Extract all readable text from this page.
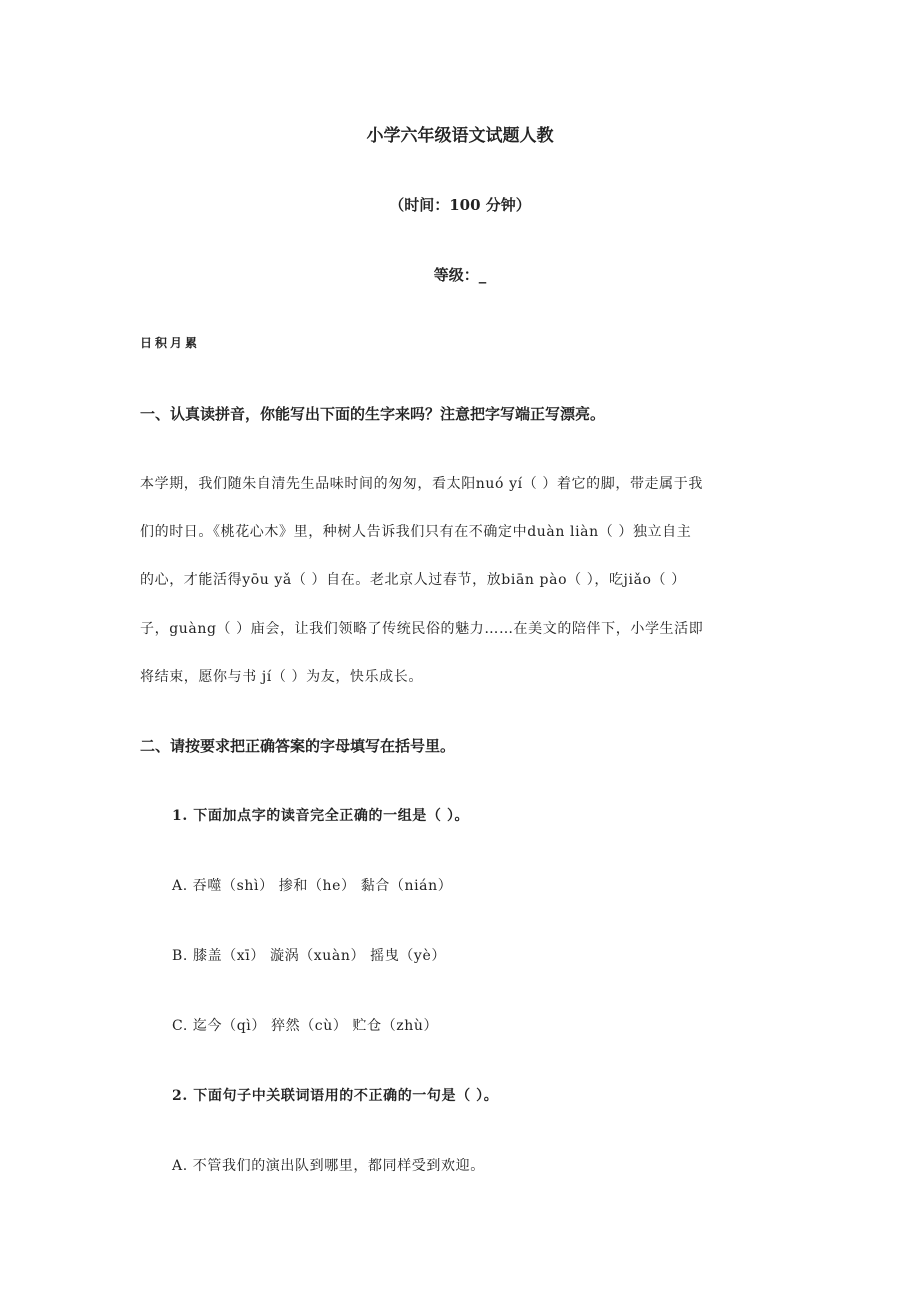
小学六年级语文试题人教
（时间：100 分钟）
等级：_
日积月累
一、认真读拼音，你能写出下面的生字来吗？注意把字写端正写漂亮。
本学期，我们随朱自清先生品味时间的匆匆，看太阳nuó yí（ ）着它的脚，带走属于我
们的时日。《桃花心木》里，种树人告诉我们只有在不确定中duàn liàn（ ）独立自主
的心，才能活得yōu yǎ（ ）自在。老北京人过春节，放biān pào（ ），吃jiǎo（ ）
子，guàng（ ）庙会，让我们领略了传统民俗的魅力……在美文的陪伴下，小学生活即
将结束，愿你与书 jí（ ）为友，快乐成长。
二、请按要求把正确答案的字母填写在括号里。
1. 下面加点字的读音完全正确的一组是（ ）。
A. 吞噬（shì） 掺和（he） 黏合（nián）
B. 膝盖（xī） 漩涡（xuàn） 摇曳（yè）
C. 迄今（qì） 猝然（cù） 贮仓（zhù）
2. 下面句子中关联词语用的不正确的一句是（ ）。
A. 不管我们的演出队到哪里，都同样受到欢迎。
